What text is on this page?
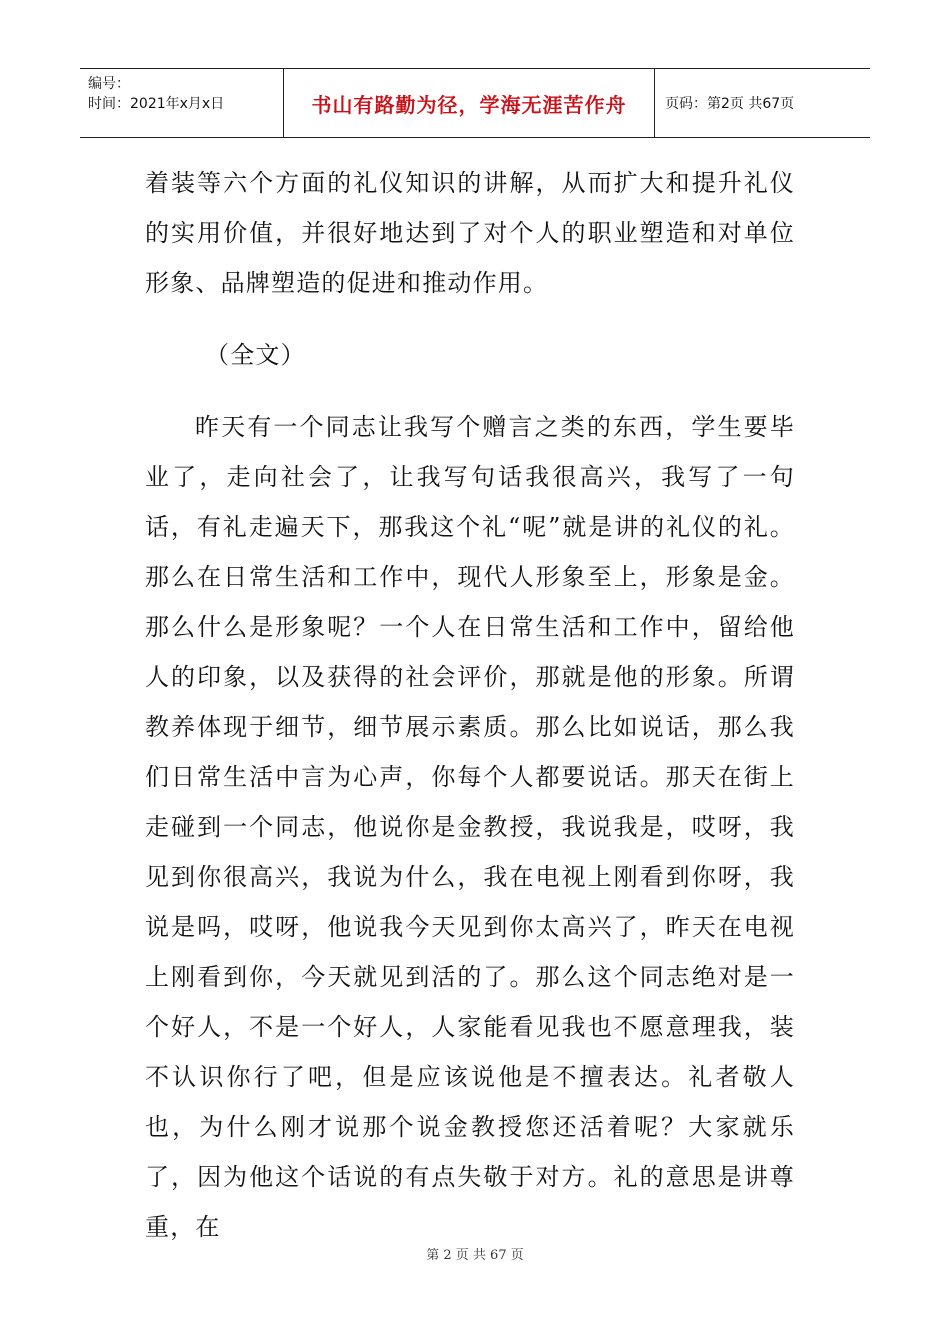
编号：
时间：2021年x月x日	书山有路勤为径，学海无涯苦作舟	页码：第2页 共67页

着装等六个方面的礼仪知识的讲解，从而扩大和提升礼仪的实用价值，并很好地达到了对个人的职业塑造和对单位形象、品牌塑造的促进和推动作用。

（全文）

昨天有一个同志让我写个赠言之类的东西，学生要毕业了，走向社会了，让我写句话我很高兴，我写了一句话，有礼走遍天下，那我这个礼“呢”就是讲的礼仪的礼。那么在日常生活和工作中，现代人形象至上，形象是金。那么什么是形象呢？一个人在日常生活和工作中，留给他人的印象，以及获得的社会评价，那就是他的形象。所谓教养体现于细节，细节展示素质。那么比如说话，那么我们日常生活中言为心声，你每个人都要说话。那天在街上走碰到一个同志，他说你是金教授，我说我是，哎呀，我见到你很高兴，我说为什么，我在电视上刚看到你呀，我说是吗，哎呀，他说我今天见到你太高兴了，昨天在电视上刚看到你，今天就见到活的了。那么这个同志绝对是一个好人，不是一个好人，人家能看见我也不愿意理我，装不认识你行了吧，但是应该说他是不擅表达。礼者敬人也，为什么刚才说那个说金教授您还活着呢？大家就乐了，因为他这个话说的有点失敬于对方。礼的意思是讲尊重，在

第 2 页 共 67 页
